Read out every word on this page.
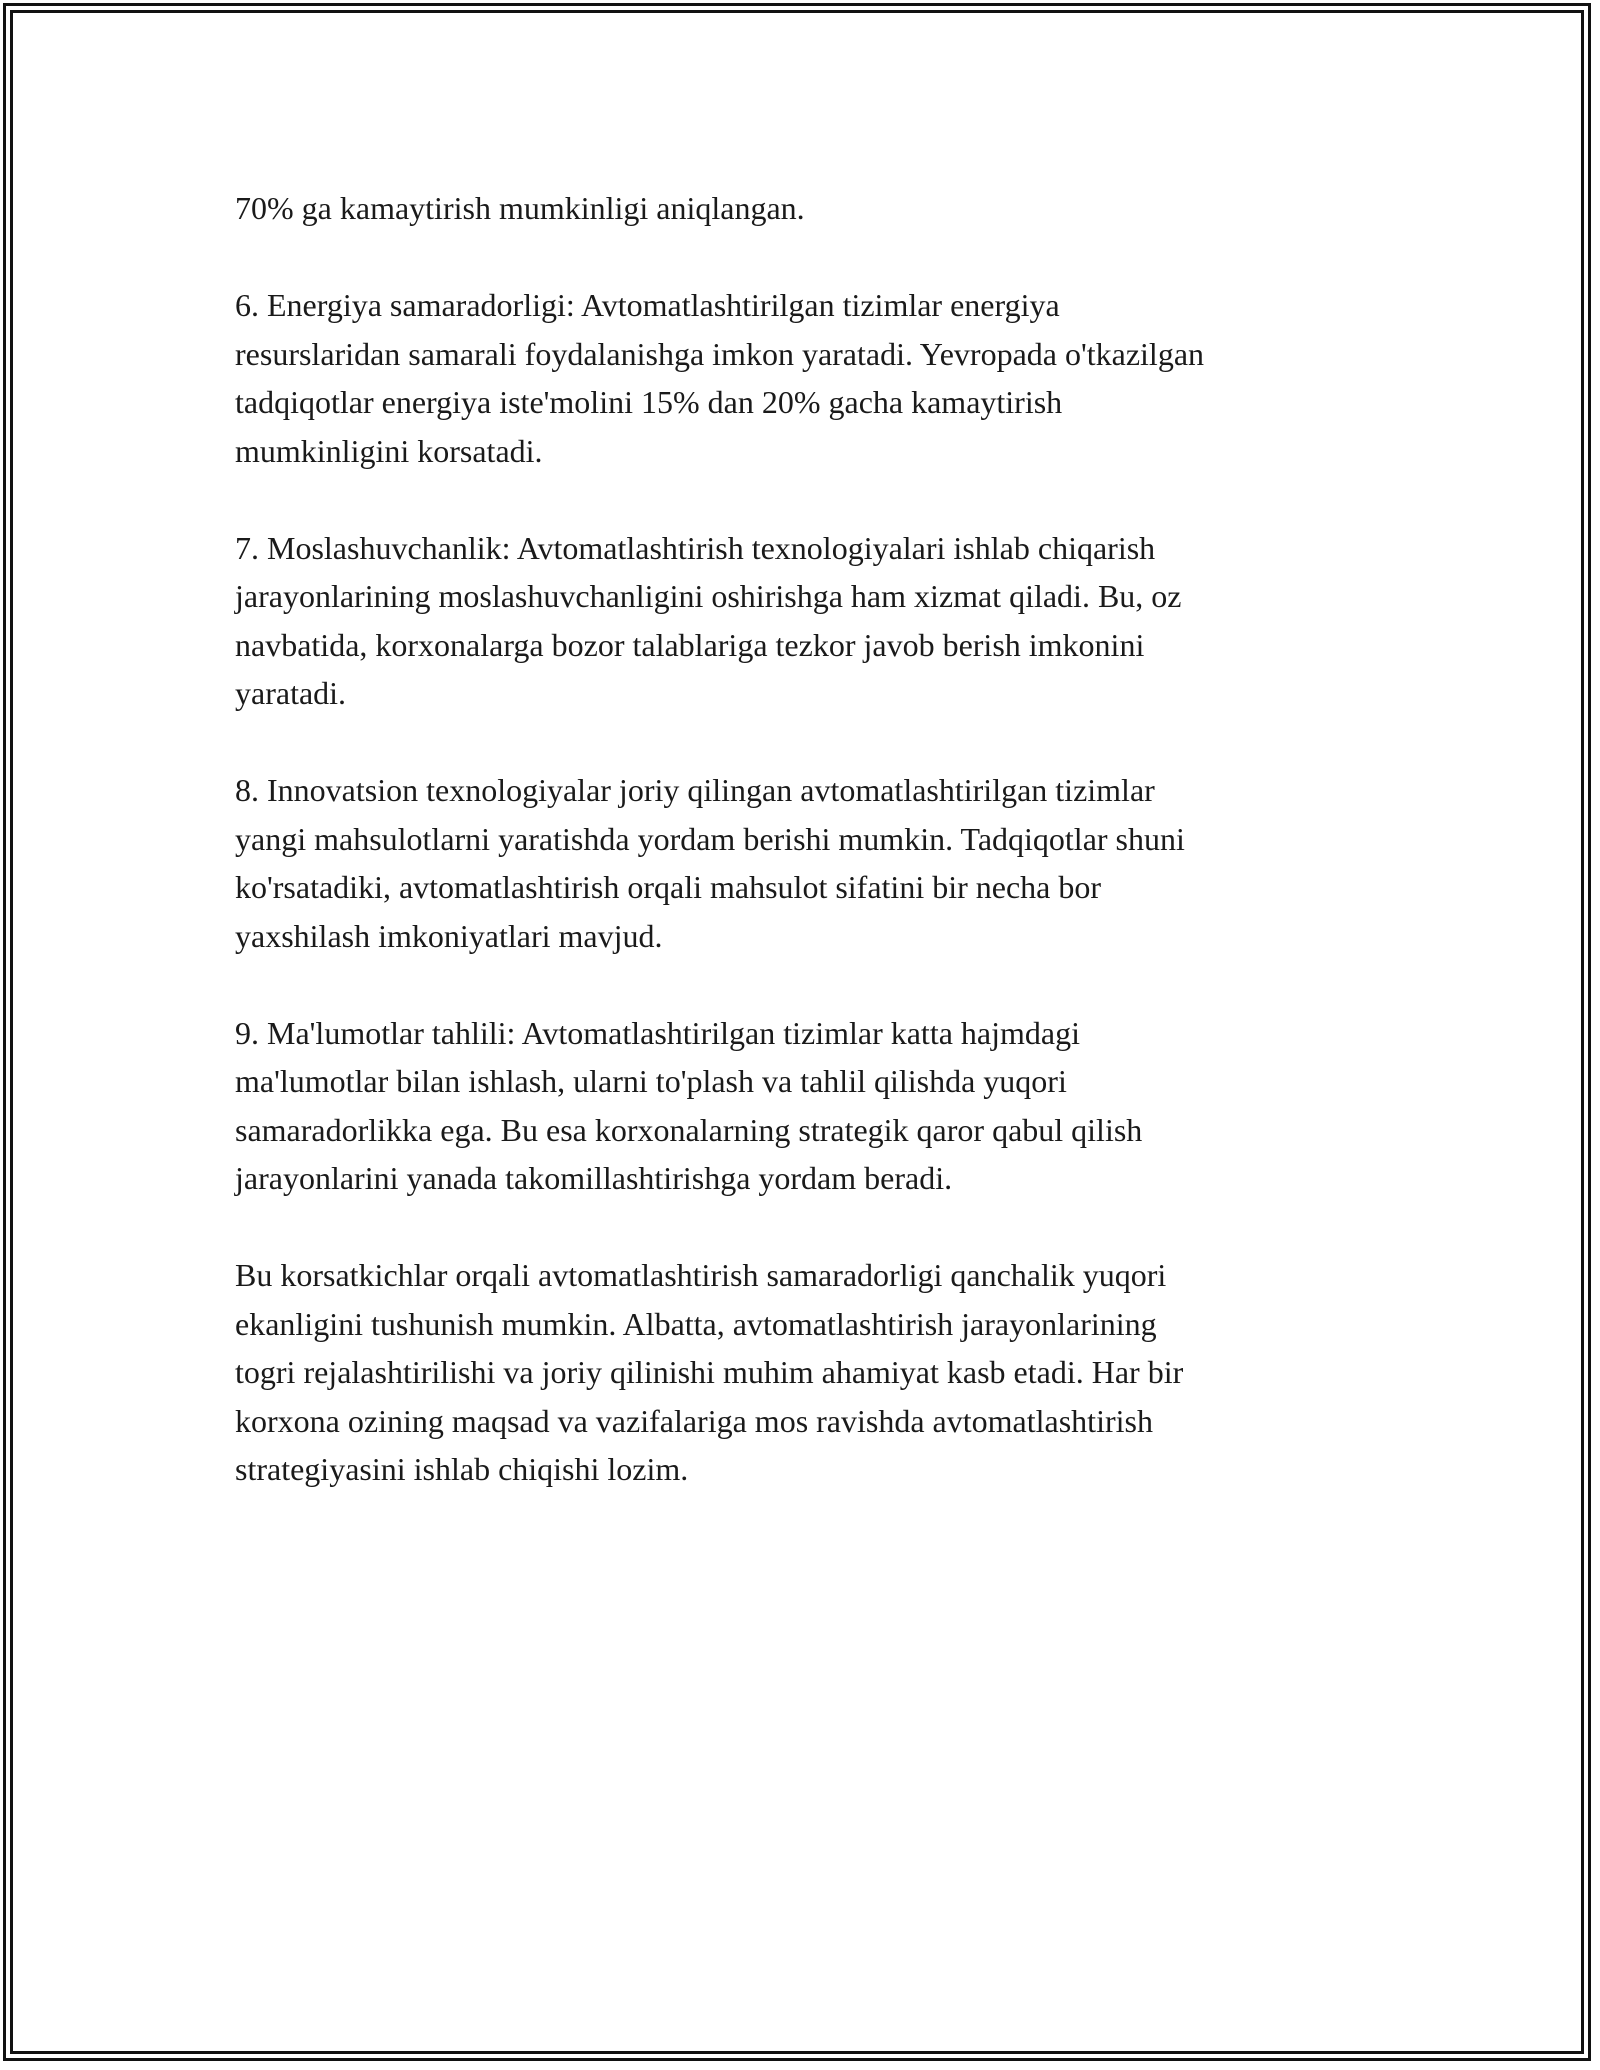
70% ga kamaytirish mumkinligi aniqlangan.

6. Energiya samaradorligi: Avtomatlashtirilgan tizimlar energiya
resurslaridan samarali foydalanishga imkon yaratadi. Yevropada o'tkazilgan
tadqiqotlar energiya iste'molini 15% dan 20% gacha kamaytirish
mumkinligini korsatadi.

7. Moslashuvchanlik: Avtomatlashtirish texnologiyalari ishlab chiqarish
jarayonlarining moslashuvchanligini oshirishga ham xizmat qiladi. Bu, oz
navbatida, korxonalarga bozor talablariga tezkor javob berish imkonini
yaratadi.

8. Innovatsion texnologiyalar joriy qilingan avtomatlashtirilgan tizimlar
yangi mahsulotlarni yaratishda yordam berishi mumkin. Tadqiqotlar shuni
ko'rsatadiki, avtomatlashtirish orqali mahsulot sifatini bir necha bor
yaxshilash imkoniyatlari mavjud.

9. Ma'lumotlar tahlili: Avtomatlashtirilgan tizimlar katta hajmdagi
ma'lumotlar bilan ishlash, ularni to'plash va tahlil qilishda yuqori
samaradorlikka ega. Bu esa korxonalarning strategik qaror qabul qilish
jarayonlarini yanada takomillashtirishga yordam beradi.

Bu korsatkichlar orqali avtomatlashtirish samaradorligi qanchalik yuqori
ekanligini tushunish mumkin. Albatta, avtomatlashtirish jarayonlarining
togri rejalashtirilishi va joriy qilinishi muhim ahamiyat kasb etadi. Har bir
korxona ozining maqsad va vazifalariga mos ravishda avtomatlashtirish
strategiyasini ishlab chiqishi lozim.
